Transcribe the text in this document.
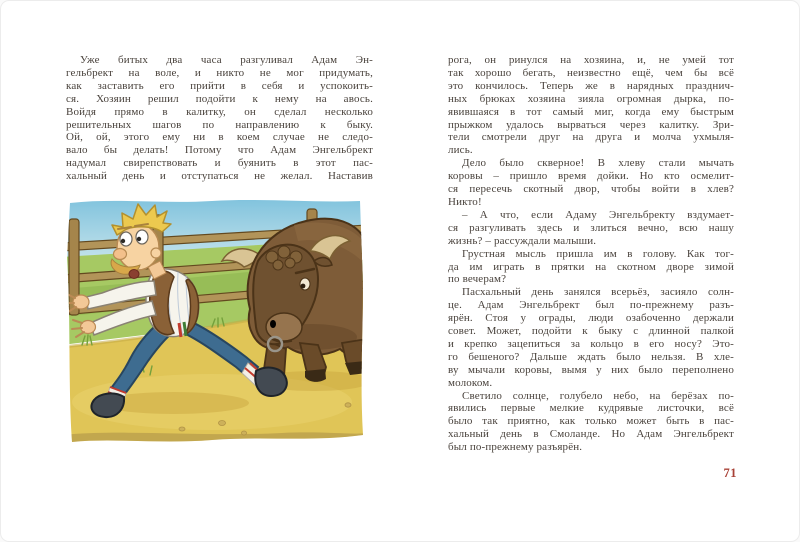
Уже битых два часа разгуливал Адам Эн-
гельбрект на воле, и никто не мог придумать,
как заставить его прийти в себя и успокоить-
ся. Хозяин решил подойти к нему на авось.
Войдя прямо в калитку, он сделал несколько
решительных шагов по направлению к быку.
Ой, ой, этого ему ни в коем случае не следо-
вало бы делать! Потому что Адам Энгельбрект
надумал свирепствовать и буянить в этот пас-
хальный день и отступаться не желал. Наставив
рога, он ринулся на хозяина, и, не умей тот
так хорошо бегать, неизвестно ещё, чем бы всё
это кончилось. Теперь же в нарядных празднич-
ных брюках хозяина зияла огромная дырка, по-
явившаяся в тот самый миг, когда ему быстрым
прыжком удалось вырваться через калитку. Зри-
тели смотрели друг на друга и молча ухмыля-
лись.
Дело было скверное! В хлеву стали мычать
коровы – пришло время дойки. Но кто осмелит-
ся пересечь скотный двор, чтобы войти в хлев?
Никто!
– А что, если Адаму Энгельбректу вздумает-
ся разгуливать здесь и злиться вечно, всю нашу
жизнь? – рассуждали малыши.
Грустная мысль пришла им в голову. Как тог-
да им играть в прятки на скотном дворе зимой
по вечерам?
Пасхальный день занялся всерьёз, засияло солн-
це. Адам Энгельбрект был по-прежнему разъ-
ярён. Стоя у ограды, люди озабоченно держали
совет. Может, подойти к быку с длинной палкой
и крепко зацепиться за кольцо в его носу? Это-
го бешеного? Дальше ждать было нельзя. В хле-
ву мычали коровы, вымя у них было переполнено
молоком.
Светило солнце, голубело небо, на берёзах по-
явились первые мелкие кудрявые листочки, всё
было так приятно, как только может быть в пас-
хальный день в Смоланде. Но Адам Энгельбрект
был по-прежнему разъярён.
71
